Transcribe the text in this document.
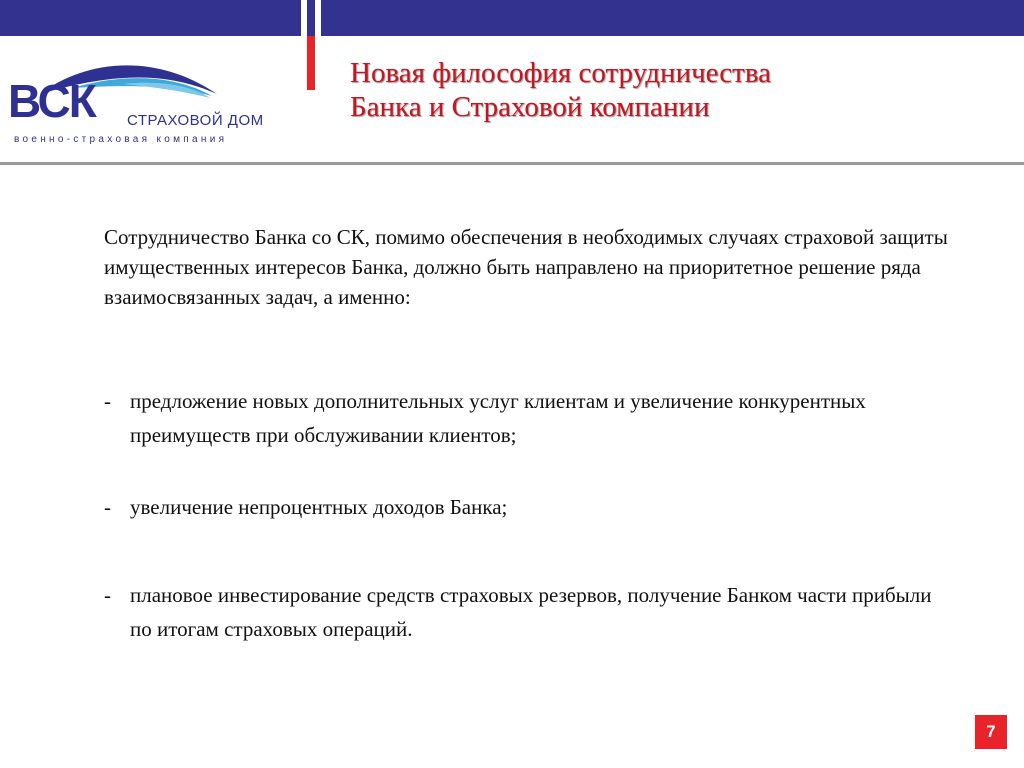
ВСК СТРАХОВОЙ ДОМ
военно-страховая компания
Новая философия сотрудничества
Банка и Страховой компании

Сотрудничество Банка со СК, помимо обеспечения в необходимых случаях страховой защиты имущественных интересов Банка, должно быть направлено на приоритетное решение ряда взаимосвязанных задач, а именно:

- предложение новых дополнительных услуг клиентам и увеличение конкурентных преимуществ при обслуживании клиентов;
- увеличение непроцентных доходов Банка;
- плановое инвестирование средств страховых резервов, получение Банком части прибыли по итогам страховых операций.
7
